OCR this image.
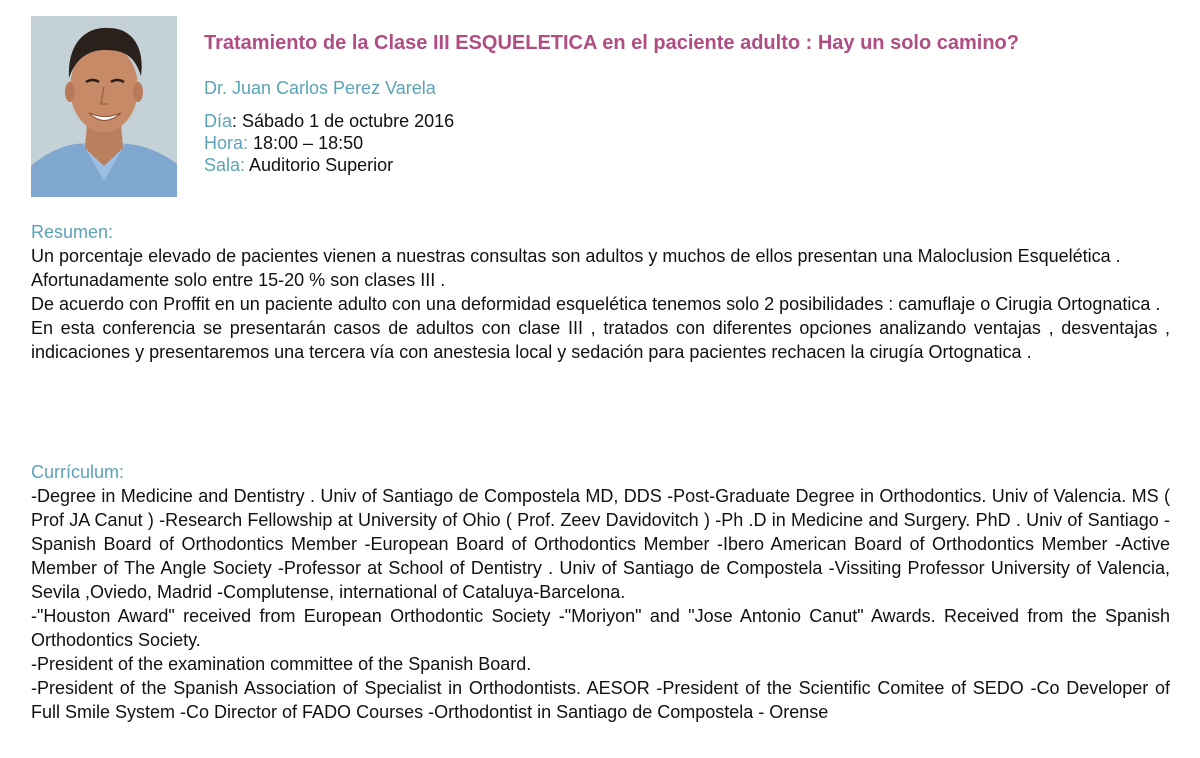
Tratamiento de la Clase III ESQUELETICA en el paciente adulto : Hay un solo camino?
Dr. Juan Carlos Perez Varela
Día: Sábado 1 de octubre 2016
Hora: 18:00 – 18:50
Sala: Auditorio Superior
Resumen:

Un porcentaje elevado de pacientes vienen a nuestras consultas son adultos y muchos de ellos presentan una Maloclusion Esquelética .

Afortunadamente solo entre 15-20 % son clases III .

De acuerdo con Proffit en un paciente adulto con una deformidad esquelética tenemos solo 2 posibilidades : camuflaje o Cirugia Ortognatica .

En esta conferencia se presentarán casos de adultos con clase III , tratados con diferentes opciones analizando ventajas , desventajas , indicaciones y presentaremos una tercera vía con anestesia local y sedación para pacientes rechacen la cirugía Ortognatica .

Currículum:

-Degree in Medicine and Dentistry . Univ of Santiago de Compostela MD, DDS -Post-Graduate Degree in Orthodontics. Univ of Valencia. MS ( Prof JA Canut ) -Research Fellowship at University of Ohio ( Prof. Zeev Davidovitch ) -Ph .D in Medicine and Surgery. PhD . Univ of Santiago -Spanish Board of Orthodontics Member -European Board of Orthodontics Member -Ibero American Board of Orthodontics Member -Active Member of The Angle Society -Professor at School of Dentistry . Univ of Santiago de Compostela -Vissiting Professor University of Valencia, Sevila ,Oviedo, Madrid -Complutense, international of Cataluya-Barcelona.

-"Houston Award" received from European Orthodontic Society -"Moriyon" and "Jose Antonio Canut" Awards. Received from the Spanish Orthodontics Society.

-President of the examination committee of the Spanish Board.

-President of the Spanish Association of Specialist in Orthodontists. AESOR -President of the Scientific Comitee of SEDO -Co Developer of Full Smile System -Co Director of FADO Courses -Orthodontist in Santiago de Compostela - Orense
